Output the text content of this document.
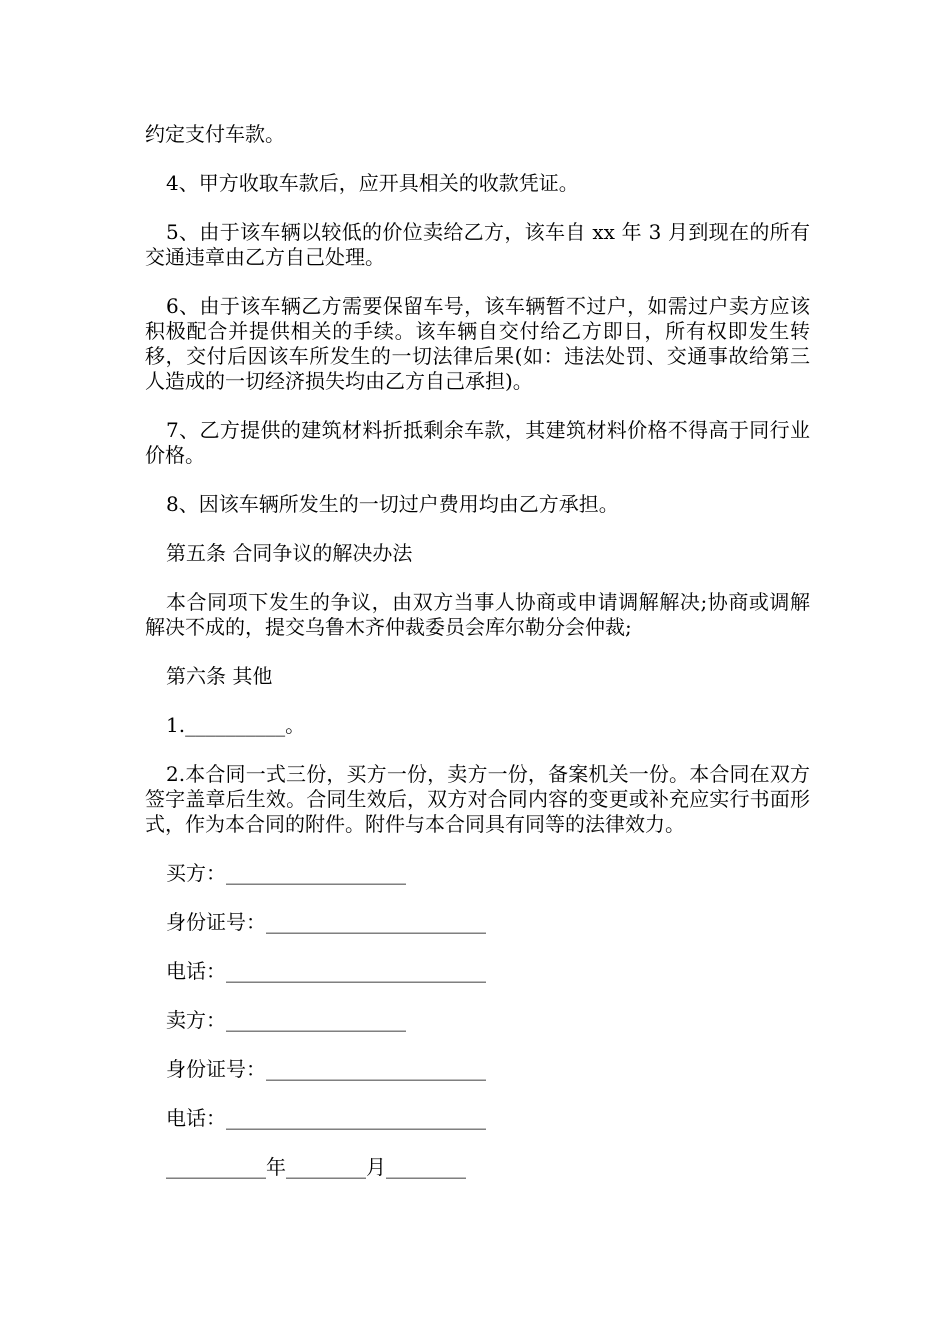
约定支付车款。

4、甲方收取车款后，应开具相关的收款凭证。

5、由于该车辆以较低的价位卖给乙方，该车自 xx 年 3 月到现在的所有交通违章由乙方自己处理。

6、由于该车辆乙方需要保留车号，该车辆暂不过户，如需过户卖方应该积极配合并提供相关的手续。该车辆自交付给乙方即日，所有权即发生转移，交付后因该车所发生的一切法律后果(如：违法处罚、交通事故给第三人造成的一切经济损失均由乙方自己承担)。

7、乙方提供的建筑材料折抵剩余车款，其建筑材料价格不得高于同行业价格。

8、因该车辆所发生的一切过户费用均由乙方承担。

第五条 合同争议的解决办法

本合同项下发生的争议，由双方当事人协商或申请调解解决;协商或调解解决不成的，提交乌鲁木齐仲裁委员会库尔勒分会仲裁;

第六条 其他

1.__________。

2.本合同一式三份，买方一份，卖方一份，备案机关一份。本合同在双方签字盖章后生效。合同生效后，双方对合同内容的变更或补充应实行书面形式，作为本合同的附件。附件与本合同具有同等的法律效力。

买方：__________________
身份证号：______________________
电话：__________________________
卖方：__________________
身份证号：______________________
电话：__________________________
__________年________月________
